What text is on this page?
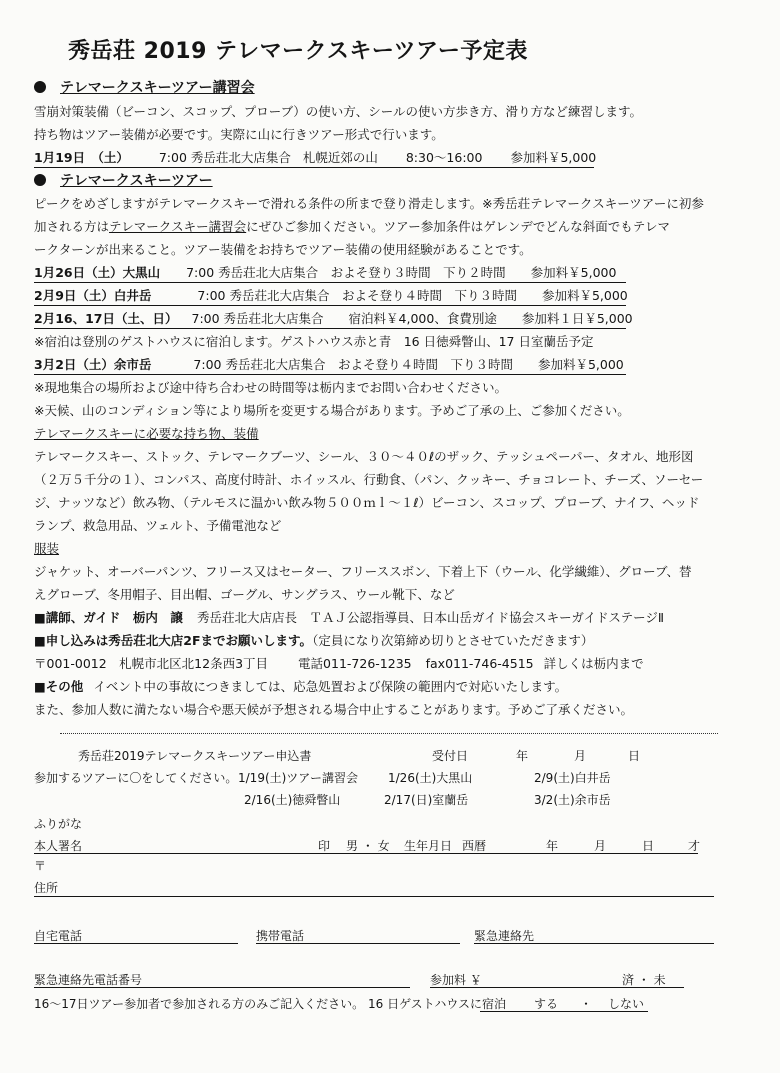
秀岳荘 2019 テレマークスキーツアー予定表
テレマークスキーツアー講習会
雪崩対策装備（ビーコン、スコップ、プローブ）の使い方、シールの使い方歩き方、滑り方など練習します。
持ち物はツアー装備が必要です。実際に山に行きツアー形式で行います。
1月19日　（土） 7:00 秀岳荘北大店集合 札幌近郊の山 8:30～16:00 参加料￥5,000
テレマークスキーツアー
ピークをめざしますがテレマークスキーで滑れる条件の所まで登り滑走します。※秀岳荘テレマークスキーツアーに初参
加される方はテレマークスキー講習会にぜひご参加ください。ツアー参加条件はゲレンデでどんな斜面でもテレマ
ークターンが出来ること。ツアー装備をお持ちでツアー装備の使用経験があることです。
1月26日（土）大黒山 7:00 秀岳荘北大店集合　およそ登り３時間　下り２時間　　参加料￥5,000
2月9日（土）白井岳	7:00 秀岳荘北大店集合　およそ登り４時間　下り３時間　　参加料￥5,000
2月16、17日（土、日） 7:00 秀岳荘北大店集合　　宿泊料￥4,000、食費別途　　参加料１日￥5,000
※宿泊は登別のゲストハウスに宿泊します。ゲストハウス赤と青　16 日徳舜瞥山、17 日室蘭岳予定
3月2日（土）余市岳	7:00 秀岳荘北大店集合　およそ登り４時間　下り３時間　　参加料￥5,000
※現地集合の場所および途中待ち合わせの時間等は栃内までお問い合わせください。
※天候、山のコンディション等により場所を変更する場合があります。予めご了承の上、ご参加ください。
テレマークスキーに必要な持ち物、装備
テレマークスキー、ストック、テレマークブーツ、シール、３０～４０ℓのザック、テッシュペーパー、タオル、地形図
（２万５千分の１）、コンパス、高度付時計、ホイッスル、行動食、（パン、クッキー、チョコレート、チーズ、ソーセー
ジ、ナッツなど）飲み物、（テルモスに温かい飲み物５００ｍｌ～１ℓ）ビーコン、スコップ、プローブ、ナイフ、ヘッド
ランプ、救急用品、ツェルト、予備電池など
服装
ジャケット、オーバーパンツ、フリース又はセーター、フリーススボン、下着上下（ウール、化学繊維）、グローブ、替
えグローブ、冬用帽子、目出帽、ゴーグル、サングラス、ウール靴下、など
■講師、ガイド　栃内　譲 秀岳荘北大店店長　ＴＡＪ公認指導員、日本山岳ガイド協会スキーガイドステージⅡ
■申し込みは秀岳荘北大店2Fまでお願いします。（定員になり次第締め切りとさせていただきます）
〒001-0012　札幌市北区北12条西3丁目 電話011-726-1235 fax011-746-4515 詳しくは栃内まで
■その他 イベント中の事故につきましては、応急処置および保険の範囲内で対応いたします。
また、参加人数に満たない場合や悪天候が予想される場合中止することがあります。予めご了承ください。
秀岳荘2019テレマークスキーツアー申込書	受付日	年	月	日
参加するツアーに〇をしてください。 1/19(土)ツアー講習会	1/26(土)大黒山	2/9(土)白井岳
2/16(土)徳舜瞥山	2/17(日)室蘭岳	3/2(土)余市岳
ふりがな
本人署名	印 男 ・ 女 生年月日 西暦	年	月	日	才
〒
住所
自宅電話	携帯電話	緊急連絡先
緊急連絡先電話番号	参加料 ￥	済 ・ 未
16～17日ツアー参加者で参加される方のみご記入ください。 16 日ゲストハウスに 宿泊 する ・ しない
